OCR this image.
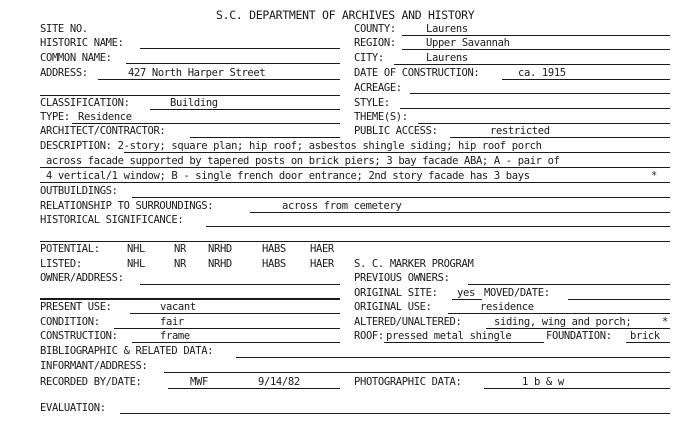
S.C. DEPARTMENT OF ARCHIVES AND HISTORY
SITE NO.
HISTORIC NAME:
COMMON NAME:
ADDRESS:	427 North Harper Street
CLASSIFICATION:	Building
TYPE: Residence
ARCHITECT/CONTRACTOR:
COUNTY:	Laurens
REGION:	Upper Savannah
CITY:	Laurens
DATE OF CONSTRUCTION:	ca. 1915
ACREAGE:
STYLE:
THEME(S):
PUBLIC ACCESS:	restricted
DESCRIPTION: 2-story; square plan; hip roof; asbestos shingle siding; hip roof porch
across facade supported by tapered posts on brick piers; 3 bay facade ABA; A - pair of
4 vertical/1 window; B - single french door entrance; 2nd story facade has 3 bays	*
OUTBUILDINGS:
RELATIONSHIP TO SURROUNDINGS:	across from cemetery
HISTORICAL SIGNIFICANCE:
POTENTIAL:	NHL	NR NRHD	HABS HAER
LISTED:	NHL	NR NRHD	HABS HAER
OWNER/ADDRESS:
S. C. MARKER PROGRAM
PREVIOUS OWNERS:
ORIGINAL SITE: yes MOVED/DATE:
ORIGINAL USE:	residence
ALTERED/UNALTERED:	siding, wing and porch;	*
ROOF: pressed metal shingle	FOUNDATION: brick
PRESENT USE:	vacant
CONDITION:	fair
CONSTRUCTION:	frame
BIBLIOGRAPHIC & RELATED DATA:
INFORMANT/ADDRESS:
RECORDED BY/DATE:	MWF	9/14/82	PHOTOGRAPHIC DATA:	1 b & w
EVALUATION:
